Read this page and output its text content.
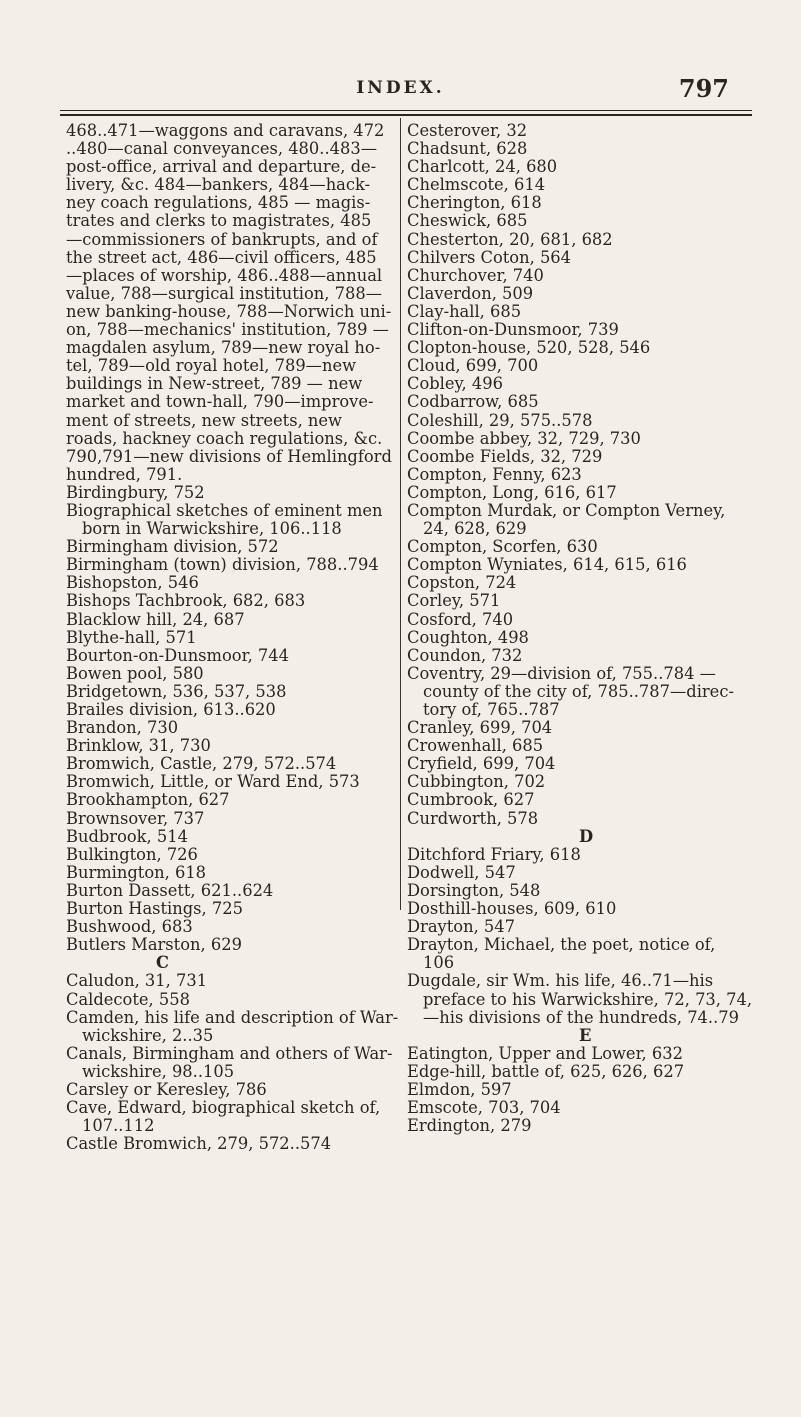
INDEX.	797
468..471—waggons and caravans, 472
..480—canal conveyances, 480..483—
post-office, arrival and departure, de-
livery, &c. 484—bankers, 484—hack-
ney coach regulations, 485 — magis-
trates and clerks to magistrates, 485
—commissioners of bankrupts, and of
the street act, 486—civil officers, 485
—places of worship, 486..488—annual
value, 788—surgical institution, 788—
new banking-house, 788—Norwich uni-
on, 788—mechanics' institution, 789 —
magdalen asylum, 789—new royal ho-
tel, 789—old royal hotel, 789—new
buildings in New-street, 789 — new
market and town-hall, 790—improve-
ment of streets, new streets, new
roads, hackney coach regulations, &c.
790,791—new divisions of Hemlingford
hundred, 791.
Birdingbury, 752
Biographical sketches of eminent men
born in Warwickshire, 106..118
Birmingham division, 572
Birmingham (town) division, 788..794
Bishopston, 546
Bishops Tachbrook, 682, 683
Blacklow hill, 24, 687
Blythe-hall, 571
Bourton-on-Dunsmoor, 744
Bowen pool, 580
Bridgetown, 536, 537, 538
Brailes division, 613..620
Brandon, 730
Brinklow, 31, 730
Bromwich, Castle, 279, 572..574
Bromwich, Little, or Ward End, 573
Brookhampton, 627
Brownsover, 737
Budbrook, 514
Bulkington, 726
Burmington, 618
Burton Dassett, 621..624
Burton Hastings, 725
Bushwood, 683
Butlers Marston, 629
C
Caludon, 31, 731
Caldecote, 558
Camden, his life and description of War-
wickshire, 2..35
Canals, Birmingham and others of War-
wickshire, 98..105
Carsley or Keresley, 786
Cave, Edward, biographical sketch of,
107..112
Castle Bromwich, 279, 572..574
Cesterover, 32
Chadsunt, 628
Charlcott, 24, 680
Chelmscote, 614
Cherington, 618
Cheswick, 685
Chesterton, 20, 681, 682
Chilvers Coton, 564
Churchover, 740
Claverdon, 509
Clay-hall, 685
Clifton-on-Dunsmoor, 739
Clopton-house, 520, 528, 546
Cloud, 699, 700
Cobley, 496
Codbarrow, 685
Coleshill, 29, 575..578
Coombe abbey, 32, 729, 730
Coombe Fields, 32, 729
Compton, Fenny, 623
Compton, Long, 616, 617
Compton Murdak, or Compton Verney,
24, 628, 629
Compton, Scorfen, 630
Compton Wyniates, 614, 615, 616
Copston, 724
Corley, 571
Cosford, 740
Coughton, 498
Coundon, 732
Coventry, 29—division of, 755..784 —
county of the city of, 785..787—direc-
tory of, 765..787
Cranley, 699, 704
Crowenhall, 685
Cryfield, 699, 704
Cubbington, 702
Cumbrook, 627
Curdworth, 578
D
Ditchford Friary, 618
Dodwell, 547
Dorsington, 548
Dosthill-houses, 609, 610
Drayton, 547
Drayton, Michael, the poet, notice of,
106
Dugdale, sir Wm. his life, 46..71—his
preface to his Warwickshire, 72, 73, 74,
—his divisions of the hundreds, 74..79
E
Eatington, Upper and Lower, 632
Edge-hill, battle of, 625, 626, 627
Elmdon, 597
Emscote, 703, 704
Erdington, 279
